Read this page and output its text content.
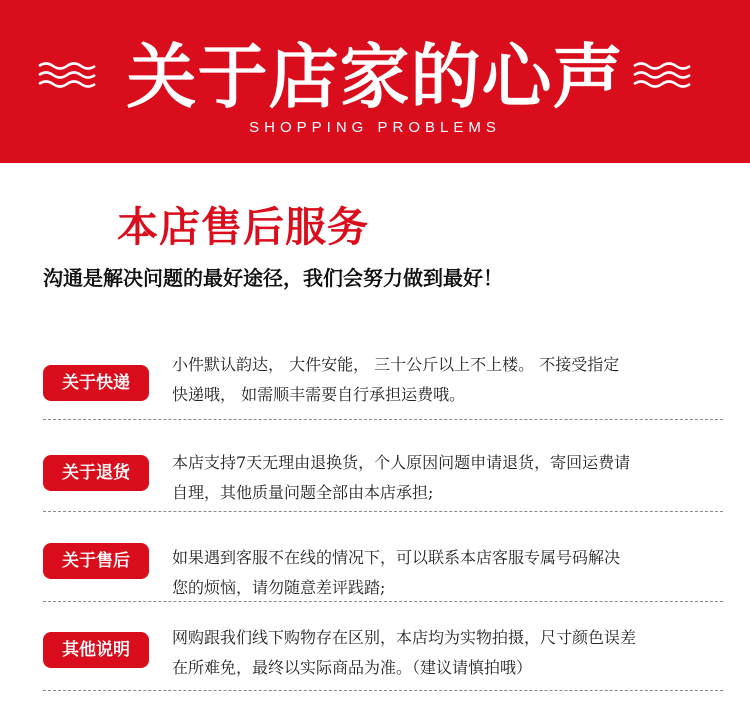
关于店家的心声
SHOPPING PROBLEMS
本店售后服务
沟通是解决问题的最好途径，我们会努力做到最好！
关于快递
小件默认韵达， 大件安能， 三十公斤以上不上楼。 不接受指定
快递哦， 如需顺丰需要自行承担运费哦。
关于退货
本店支持7天无理由退换货，个人原因问题申请退货，寄回运费请
自理，其他质量问题全部由本店承担;
关于售后	如果遇到客服不在线的情况下，可以联系本店客服专属号码解决
您的烦恼，请勿随意差评践踏;
其他说明
网购跟我们线下购物存在区别，本店均为实物拍摄，尺寸颜色误差
在所难免，最终以实际商品为准。（建议请慎拍哦）
